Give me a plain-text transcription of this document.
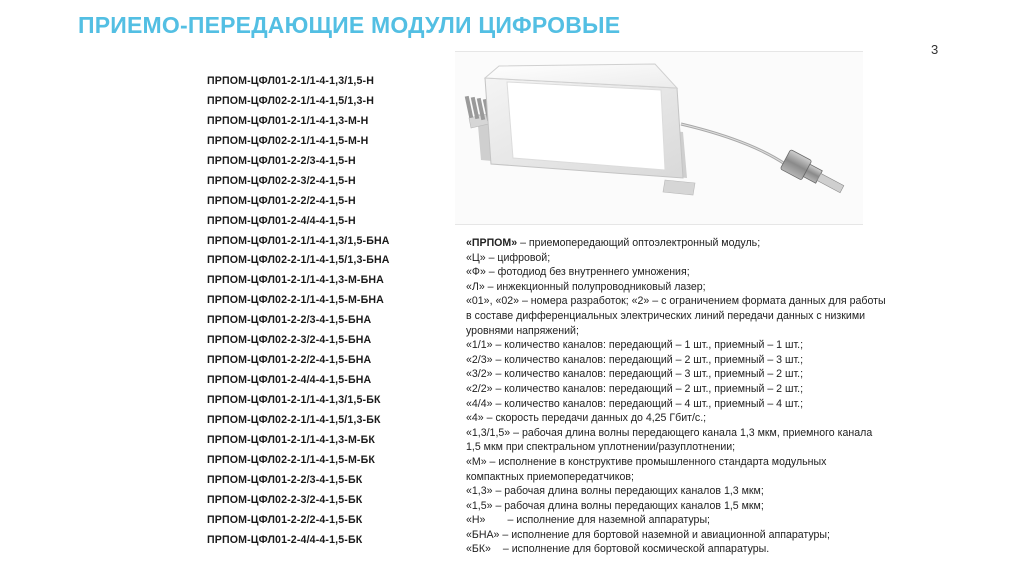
ПРИЕМО-ПЕРЕДАЮЩИЕ МОДУЛИ ЦИФРОВЫЕ
3
ПРПОМ-ЦФЛ01-2-1/1-4-1,3/1,5-Н
ПРПОМ-ЦФЛ02-2-1/1-4-1,5/1,3-Н
ПРПОМ-ЦФЛ01-2-1/1-4-1,3-М-Н
ПРПОМ-ЦФЛ02-2-1/1-4-1,5-М-Н
ПРПОМ-ЦФЛ01-2-2/3-4-1,5-Н
ПРПОМ-ЦФЛ02-2-3/2-4-1,5-Н
ПРПОМ-ЦФЛ01-2-2/2-4-1,5-Н
ПРПОМ-ЦФЛ01-2-4/4-4-1,5-Н
ПРПОМ-ЦФЛ01-2-1/1-4-1,3/1,5-БНА
ПРПОМ-ЦФЛ02-2-1/1-4-1,5/1,3-БНА
ПРПОМ-ЦФЛ01-2-1/1-4-1,3-М-БНА
ПРПОМ-ЦФЛ02-2-1/1-4-1,5-М-БНА
ПРПОМ-ЦФЛ01-2-2/3-4-1,5-БНА
ПРПОМ-ЦФЛ02-2-3/2-4-1,5-БНА
ПРПОМ-ЦФЛ01-2-2/2-4-1,5-БНА
ПРПОМ-ЦФЛ01-2-4/4-4-1,5-БНА
ПРПОМ-ЦФЛ01-2-1/1-4-1,3/1,5-БК
ПРПОМ-ЦФЛ02-2-1/1-4-1,5/1,3-БК
ПРПОМ-ЦФЛ01-2-1/1-4-1,3-М-БК
ПРПОМ-ЦФЛ02-2-1/1-4-1,5-М-БК
ПРПОМ-ЦФЛ01-2-2/3-4-1,5-БК
ПРПОМ-ЦФЛ02-2-3/2-4-1,5-БК
ПРПОМ-ЦФЛ01-2-2/2-4-1,5-БК
ПРПОМ-ЦФЛ01-2-4/4-4-1,5-БК
«ПРПОМ» – приемопередающий оптоэлектронный модуль;
«Ц» – цифровой;
«Ф» – фотодиод без внутреннего умножения;
«Л» – инжекционный полупроводниковый лазер;
«01», «02» – номера разработок; «2» – с ограничением формата данных для работы в составе дифференциальных электрических линий передачи данных с низкими уровнями напряжений;
«1/1» – количество каналов: передающий – 1 шт., приемный – 1 шт.;
«2/3» – количество каналов: передающий – 2 шт., приемный – 3 шт.;
«3/2» – количество каналов: передающий – 3 шт., приемный – 2 шт.;
«2/2» – количество каналов: передающий – 2 шт., приемный – 2 шт.;
«4/4» – количество каналов: передающий – 4 шт., приемный – 4 шт.;
«4» – скорость передачи данных до 4,25 Гбит/с.;
«1,3/1,5» – рабочая длина волны передающего канала 1,3 мкм, приемного канала 1,5 мкм при спектральном уплотнении/разуплотнении;
«М» – исполнение в конструктиве промышленного стандарта модульных компактных приемопередатчиков;
«1,3» – рабочая длина волны передающих каналов 1,3 мкм;
«1,5» – рабочая длина волны передающих каналов 1,5 мкм;
«Н» – исполнение для наземной аппаратуры;
«БНА» – исполнение для бортовой наземной и авиационной аппаратуры;
«БК» – исполнение для бортовой космической аппаратуры.
